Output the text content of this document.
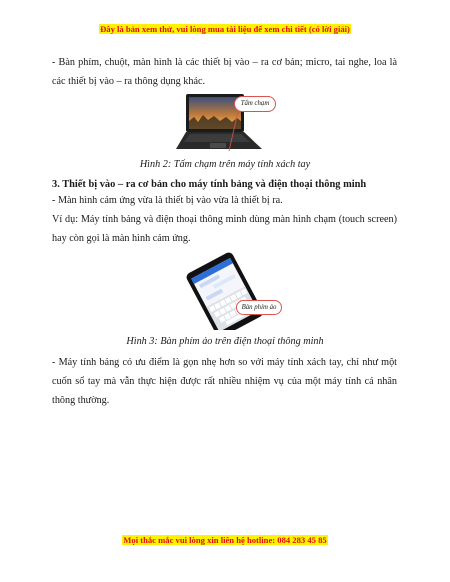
Đây là bản xem thử, vui lòng mua tài liệu để xem chi tiết (có lời giải)

- Bàn phím, chuột, màn hình là các thiết bị vào – ra cơ bản; micro, tai nghe, loa là các thiết bị vào – ra thông dụng khác.

Tấm chạm
Hình 2: Tấm chạm trên máy tính xách tay
3. Thiết bị vào – ra cơ bản cho máy tính bảng và điện thoại thông minh

- Màn hình cảm ứng vừa là thiết bị vào vừa là thiết bị ra.

Ví dụ: Máy tính bảng và điện thoại thông minh dùng màn hình chạm (touch screen) hay còn gọi là màn hình cảm ứng.

Bàn phím ảo
Hình 3: Bàn phím ảo trên điện thoại thông minh

- Máy tính bảng có ưu điểm là gọn nhẹ hơn so với máy tính xách tay, chỉ như một cuốn sổ tay mà vẫn thực hiện được rất nhiều nhiệm vụ của một máy tính cá nhân thông thường.

Mọi thắc mắc vui lòng xin liên hệ hotline: 084 283 45 85
